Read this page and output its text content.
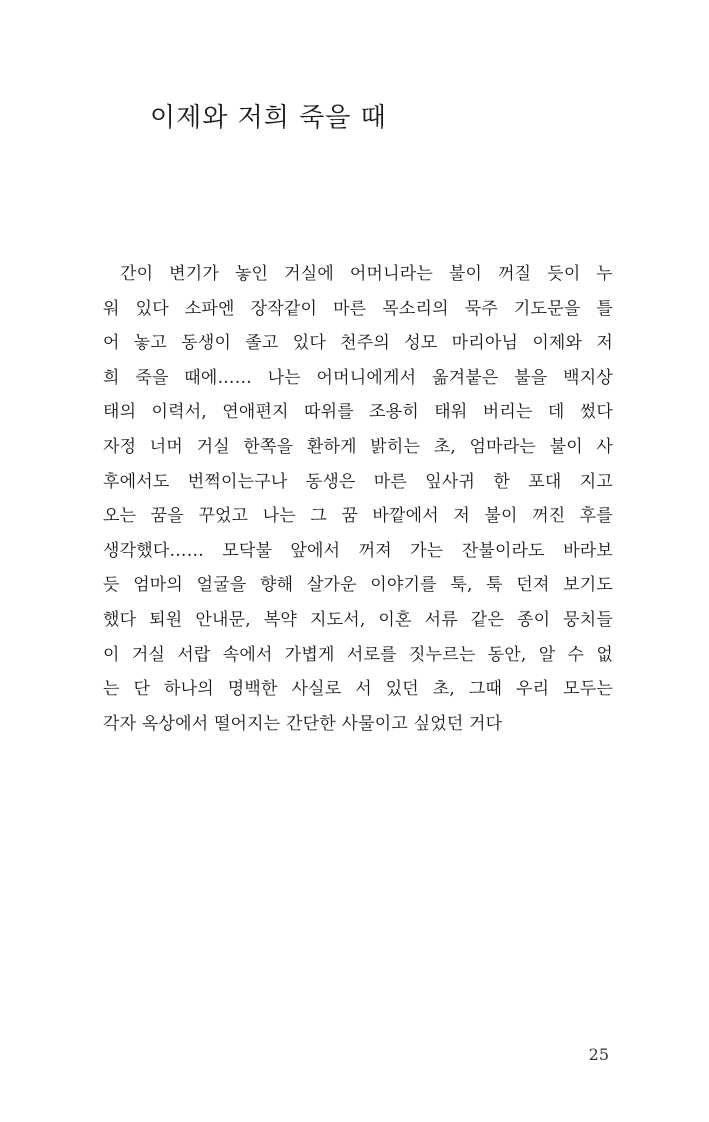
이제와 저희 죽을 때
간이 변기가 놓인 거실에 어머니라는 불이 꺼질 듯이 누
워 있다 소파엔 장작같이 마른 목소리의 묵주 기도문을 틀
어 놓고 동생이 졸고 있다 천주의 성모 마리아님 이제와 저
희 죽을 때에…… 나는 어머니에게서 옮겨붙은 불을 백지상
태의 이력서, 연애편지 따위를 조용히 태워 버리는 데 썼다
자정 너머 거실 한쪽을 환하게 밝히는 초, 엄마라는 불이 사
후에서도 번쩍이는구나 동생은 마른 잎사귀 한 포대 지고
오는 꿈을 꾸었고 나는 그 꿈 바깥에서 저 불이 꺼진 후를
생각했다…… 모닥불 앞에서 꺼져 가는 잔불이라도 바라보
듯 엄마의 얼굴을 향해 살가운 이야기를 툭, 툭 던져 보기도
했다 퇴원 안내문, 복약 지도서, 이혼 서류 같은 종이 뭉치들
이 거실 서랍 속에서 가볍게 서로를 짓누르는 동안, 알 수 없
는 단 하나의 명백한 사실로 서 있던 초, 그때 우리 모두는
각자 옥상에서 떨어지는 간단한 사물이고 싶었던 거다
25
